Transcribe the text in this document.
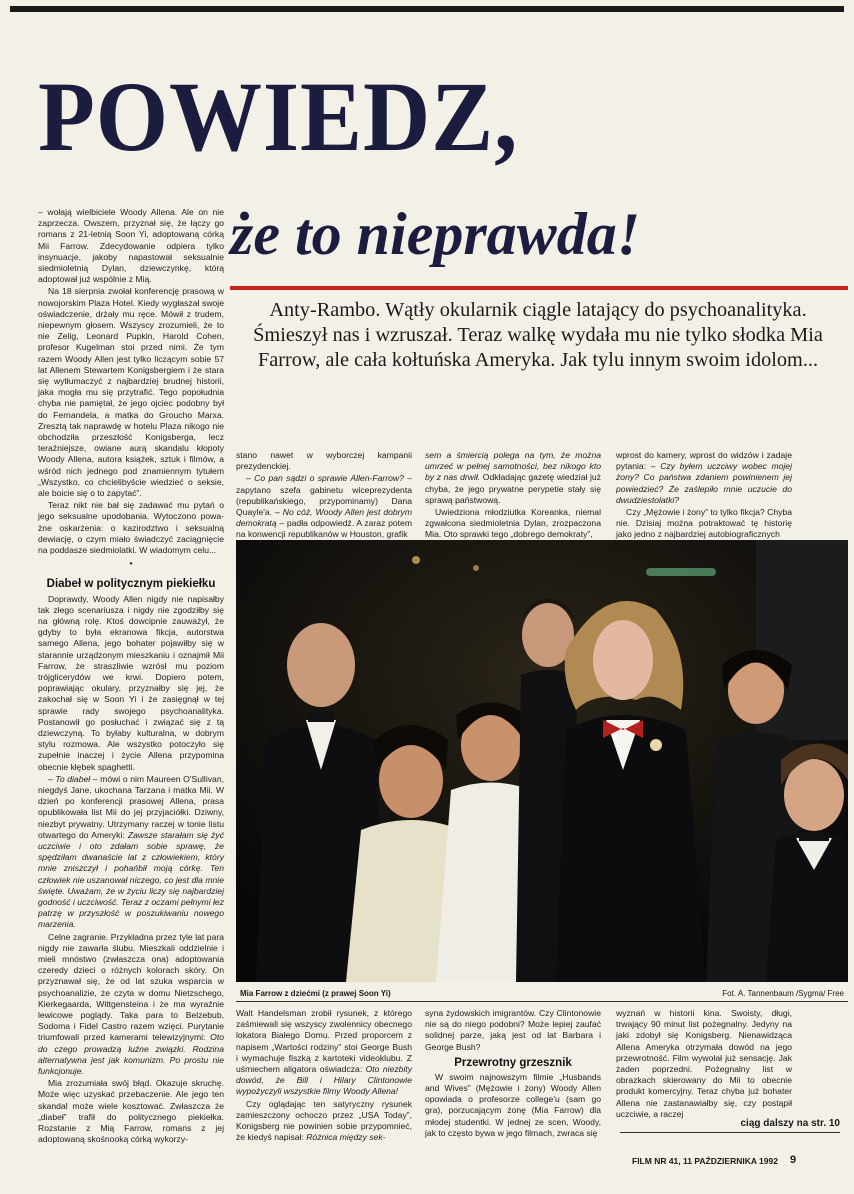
POWIEDZ,
że to nieprawda!
Anty-Rambo. Wątły okularnik ciągle latający do psychoanalityka. Śmieszył nas i wzruszał. Teraz walkę wydała mu nie tylko słodka Mia Farrow, ale cała kołtuńska Ameryka. Jak tylu innym swoim idolom...

– wołają wielbiciele Woody Allena. Ale on nie zaprzecza. Owszem, przyznał się, że łączy go romans z 21-letnią Soon Yi, adoptowaną córką Mii Farrow. Zdecydowanie odpiera tylko insynuacje, jakoby napastował seksualnie siedmioletnią Dylan, dziewczynkę, którą adoptował już wspólnie z Mią.

Na 18 sierpnia zwołał konferencję prasową w nowojorskim Plaza Hotel. Kiedy wygłaszał swoje oświadczenie, drżały mu ręce. Mówił z trudem, niepewnym głosem. Wszyscy zrozumieli, że to nie Zelig, Leonard Pupkin, Harold Cohen, profesor Kugelman stoi przed nimi. Że tym razem Woody Allen jest tylko liczącym sobie 57 lat Allenem Stewartem Konigsbergiem i że stara się wytłumaczyć z najbardziej brudnej historii, jaka mogła mu się przytrafić. Tego popołudnia chyba nie pamiętał, że jego ojciec podobny był do Fernandela, a matka do Groucho Marxa. Zresztą tak naprawdę w hotelu Plaza nikogo nie obchodziła przeszłość Konigsberga, lecz teraźniejsze, owiane aurą skandalu kłopoty Woody Allena, autora książek, sztuk i filmów, a wśród nich jednego pod znamiennym tytułem „Wszystko, co chcielibyście wiedzieć o seksie, ale boicie się o to zapytać”.

Teraz nikt nie bał się zadawać mu pytań o jego seksualne upodobania. Wytoczono poważne oskarżenia: o kazirodztwo i seksualną dewiację, o czym miało świadczyć zaciągnięcie na poddasze siedmiolatki. W wiadomym celu...

•
Diabeł w politycznym piekiełku

Doprawdy, Woody Allen nigdy nie napisałby tak złego scenariusza i nigdy nie zgodziłby się na główną rolę. Ktoś dowcipnie zauważył, że gdyby to była ekranowa fikcja, autorstwa samego Allena, jego bohater pojawiłby się w starannie urządzonym mieszkaniu i oznajmił Mii Farrow, że straszliwie wzrósł mu poziom trójglicerydów we krwi. Dopiero potem, poprawiając okulary, przyznałby się jej, że zakochał się w Soon Yi i że zasięgnął w tej sprawie rady swojego psychoanalityka. Postanowił go posłuchać i związać się z tą dziewczyną. To byłaby kulturalna, w dobrym stylu rozmowa. Ale wszystko potoczyło się zupełnie inaczej i życie Allena przypomina obecnie kłębek spaghetti.

– To diabeł – mówi o nim Maureen O'Sullivan, niegdyś Jane, ukochana Tarzana i matka Mii. W dzień po konferencji prasowej Allena, prasa opublikowała list Mii do jej przyjaciółki. Dziwny, niezbyt prywatny. Utrzymany raczej w tonie listu otwartego do Ameryki: Zawsze starałam się żyć uczciwie i oto zdałam sobie sprawę, że spędziłam dwanaście lat z człowiekiem, który mnie zniszczył i pohańbił moją córkę. Ten człowiek nie uszanował niczego, co jest dla mnie święte. Uważam, że w życiu liczy się najbardziej godność i uczciwość. Teraz z oczami pełnymi łez patrzę w przyszłość w poszukiwaniu nowego marzenia.

Celne zagranie. Przykładna przez tyle lat para nigdy nie zawarła ślubu. Mieszkali oddzielnie i mieli mnóstwo (zwłaszcza ona) adoptowania czeredy dzieci o różnych kolorach skóry. On przyznawał się, że od lat szuka wsparcia w psychoanalizie, że czyta w domu Nietzschego, Kierkegaarda, Wittgensteina i że ma wyraźnie lewicowe poglądy. Taka para to Belzebub, Sodoma i Fidel Castro razem wzięci. Purytanie triumfowali przed kamerami telewizyjnymi: Oto do czego prowadzą luźne związki. Rodzina alternatywna jest jak komunizm. Po prostu nie funkcjonuje.

Mia zrozumiała swój błąd. Okazuje skruchę. Może więc uzyskać przebaczenie. Ale jego ten skandal może wiele kosztować. Zwłaszcza że „diabeł” trafił do politycznego piekiełka. Rozstanie z Mią Farrow, romans z jej adoptowaną skośnooką córką wykorzy-

stano nawet w wyborczej kampanii prezydenckiej.

– Co pan sądzi o sprawie Allen-Farrow? – zapytano szefa gabinetu wiceprezydenta (republikańskiego, przypominamy) Dana Quayle'a. – No cóż, Woody Allen jest dobrym demokratą – padła odpowiedź. A zaraz potem na konwencji republikanów w Houston, grafik

sem a śmiercią polega na tym, że można umrzeć w pełnej samotności, bez nikogo kto by z nas drwił. Odkładając gazetę wiedział już chyba, że jego prywatne perypetie stały się sprawą państwową.

Uwiedziona młodziutka Koreanka, niemal zgwałcona siedmioletnia Dylan, zrozpaczona Mia. Oto sprawki tego „dobrego demokraty”,

wprost do kamery, wprost do widzów i zadaje pytania: – Czy byłem uczciwy wobec mojej żony? Co państwa zdaniem powinienem jej powiedzieć? Że zaślepiło mnie uczucie do dwudziestolatki?

Czy „Mężowie i żony” to tylko fikcja? Chyba nie. Dzisiaj można potraktować tę historię jako jedno z najbardziej autobiograficznych

Mia Farrow z dziećmi (z prawej Soon Yi)	Fot. A. Tannenbaum /Sygma/ Free

Walt Handelsman zrobił rysunek, z którego zaśmiewali się wszyscy zwolennicy obecnego lokatora Białego Domu. Przed proporcem z napisem „Wartości rodziny” stoi George Bush i wymachuje fiszką z kartoteki videoklubu. Z uśmiechem aligatora oświadcza: Oto niezbity dowód, że Bill i Hilary Clintonowie wypożyczyli wszystkie filmy Woody Allena!

Czy oglądając ten satyryczny rysunek zamieszczony ochoczo przez „USA Today”, Konigsberg nie powinien sobie przypomnieć, że kiedyś napisał: Różnica między sek-

syna żydowskich imigrantów. Czy Clintonowie nie są do niego podobni? Może lepiej zaufać solidnej parze, jaką jest od lat Barbara i George Bush?

Przewrotny grzesznik

W swoim najnowszym filmie „Husbands and Wives” (Mężowie i żony) Woody Allen opowiada o profesorze college'u (sam go gra), porzucającym żonę (Mia Farrow) dla młodej studentki. W jednej ze scen, Woody, jak to często bywa w jego filmach, zwraca się

wyznań w historii kina. Swoisty, długi, trwający 90 minut list pożegnalny. Jedyny na jaki zdobył się Konigsberg. Nienawidząca Allena Ameryka otrzymała dowód na jego przewrotność. Film wywołał już sensację. Jak żaden poprzedni. Pożegnalny list w obrazkach skierowany do Mii to obecnie produkt komercyjny. Teraz chyba już bohater Allena nie zastanawiałby się, czy postąpił uczciwie, a raczej

ciąg dalszy na str. 10
FILM NR 41, 11 PAŹDZIERNIKA 1992 9
